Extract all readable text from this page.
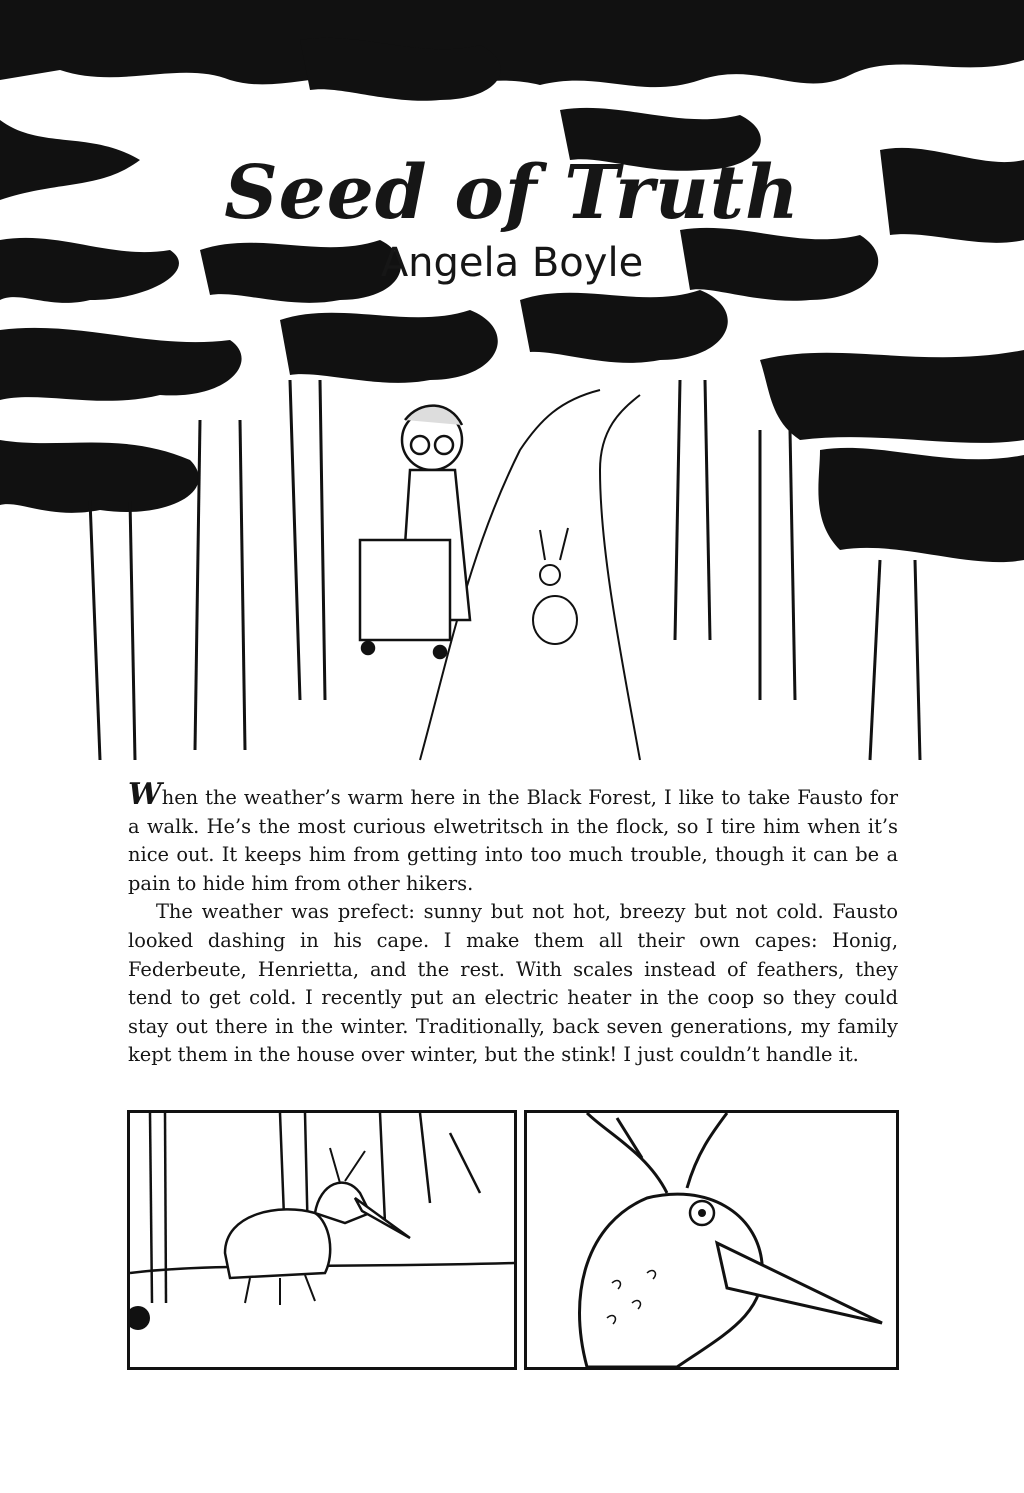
Seed of Truth
Angela Boyle

When the weather’s warm here in the Black Forest, I like to take Fausto for a walk. He’s the most curious elwetritsch in the flock, so I tire him when it’s nice out. It keeps him from getting into too much trouble, though it can be a pain to hide him from other hikers.

The weather was prefect: sunny but not hot, breezy but not cold. Fausto looked dashing in his cape. I make them all their own capes: Honig, Federbeute, Henrietta, and the rest. With scales instead of feathers, they tend to get cold. I recently put an electric heater in the coop so they could stay out there in the winter. Traditionally, back seven generations, my family kept them in the house over winter, but the stink! I just couldn’t handle it.
